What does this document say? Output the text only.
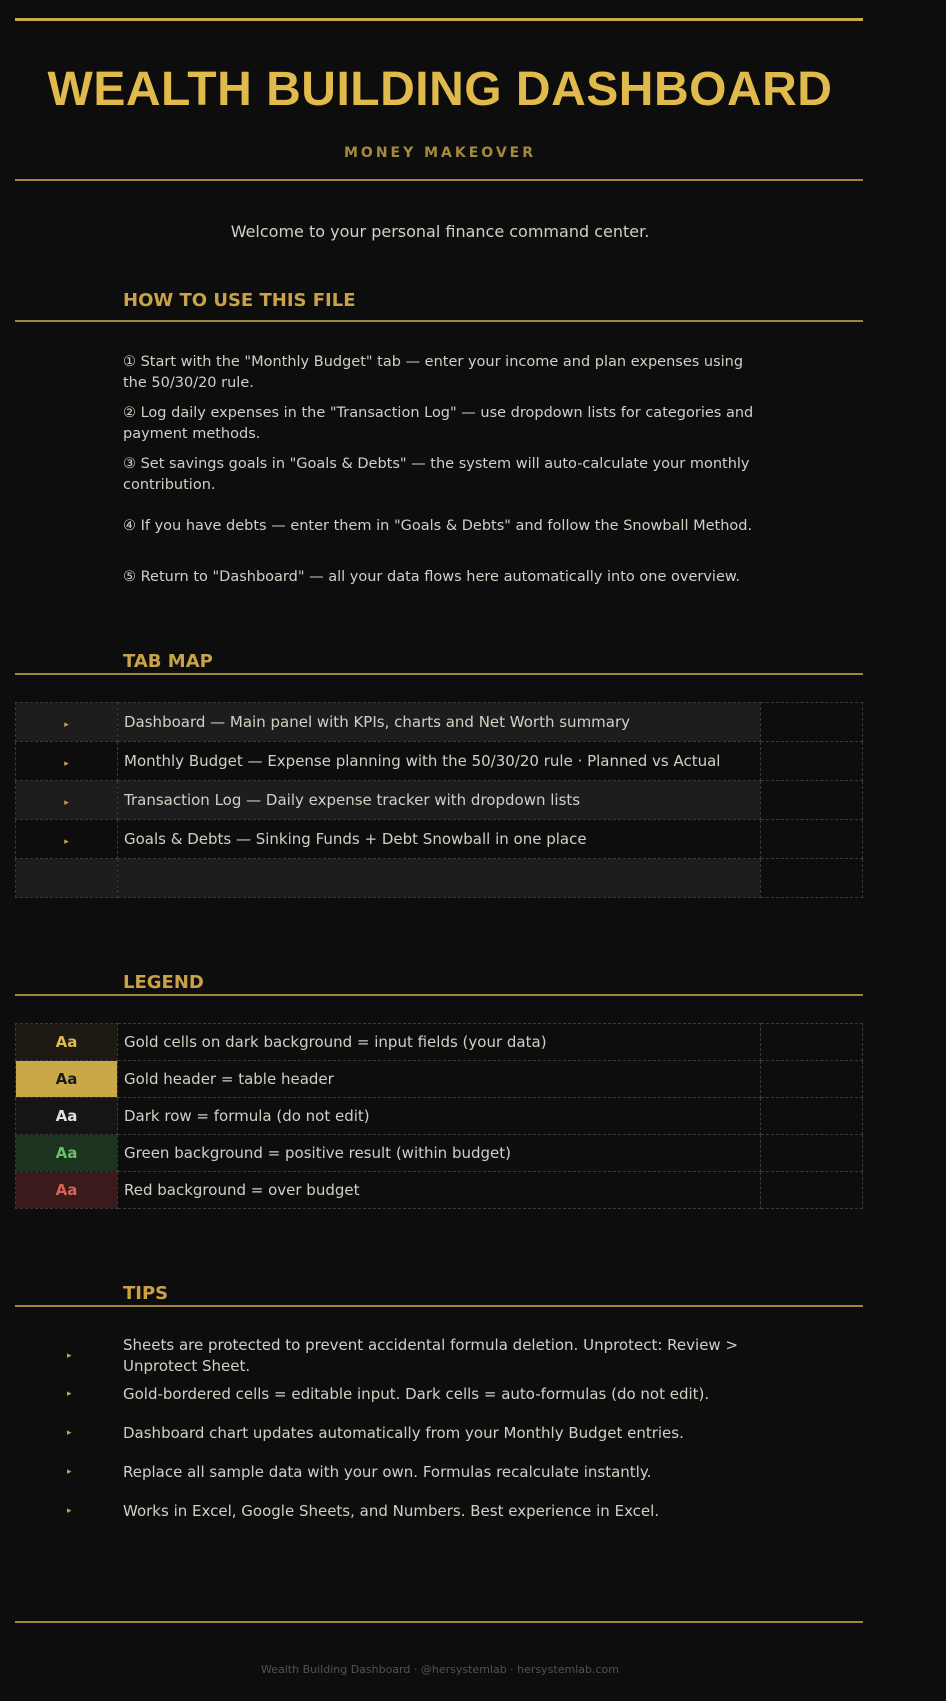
WEALTH BUILDING DASHBOARD
MONEY MAKEOVER
Welcome to your personal finance command center.
HOW TO USE THIS FILE
① Start with the "Monthly Budget" tab — enter your income and plan expenses using the 50/30/20 rule.
② Log daily expenses in the "Transaction Log" — use dropdown lists for categories and payment methods.
③ Set savings goals in "Goals & Debts" — the system will auto-calculate your monthly contribution.
④ If you have debts — enter them in "Goals & Debts" and follow the Snowball Method.
⑤ Return to "Dashboard" — all your data flows here automatically into one overview.
TAB MAP
▸	Dashboard — Main panel with KPIs, charts and Net Worth summary	
▸	Monthly Budget — Expense planning with the 50/30/20 rule · Planned vs Actual	
▸	Transaction Log — Daily expense tracker with dropdown lists	
▸	Goals & Debts — Sinking Funds + Debt Snowball in one place	

LEGEND
Aa	Gold cells on dark background = input fields (your data)	
Aa	Gold header = table header	
Aa	Dark row = formula (do not edit)	
Aa	Green background = positive result (within budget)	
Aa	Red background = over budget	
TIPS
▸
Sheets are protected to prevent accidental formula deletion. Unprotect: Review > Unprotect Sheet.
▸	Gold-bordered cells = editable input. Dark cells = auto-formulas (do not edit).
▸	Dashboard chart updates automatically from your Monthly Budget entries.
▸	Replace all sample data with your own. Formulas recalculate instantly.
▸	Works in Excel, Google Sheets, and Numbers. Best experience in Excel.
Wealth Building Dashboard · @hersystemlab · hersystemlab.com
